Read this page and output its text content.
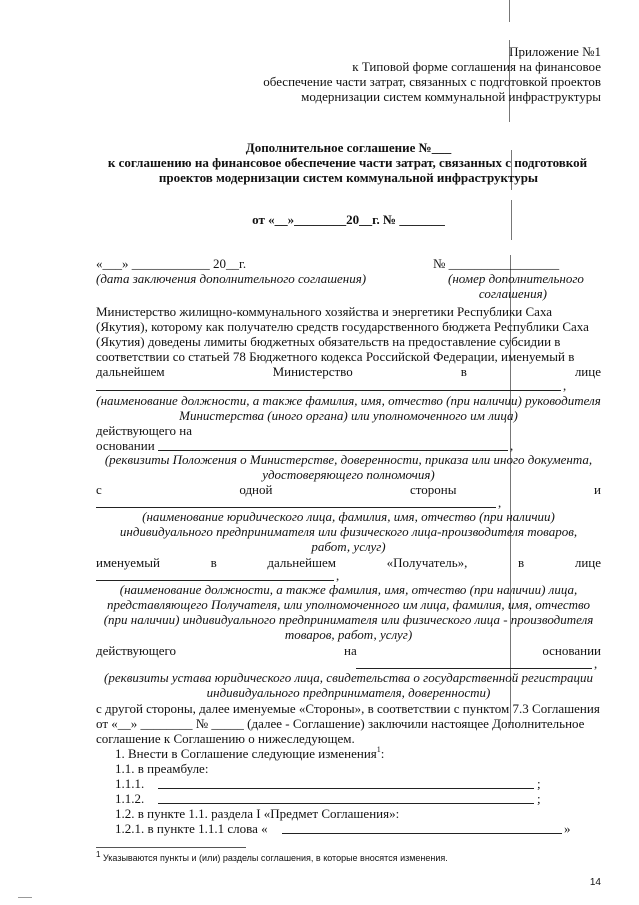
Приложение №1
к Типовой форме соглашения на финансовое
обеспечение части затрат, связанных с подготовкой проектов
модернизации систем коммунальной инфраструктуры
Дополнительное соглашение №___
к соглашению на финансовое обеспечение части затрат, связанных с подготовкой
проектов модернизации систем коммунальной инфраструктуры
от «__»________20__г. № _______
«___» ____________ 20__г.	№ _________________
(дата заключения дополнительного соглашения)	(номер дополнительного
соглашения)
Министерство жилищно-коммунального хозяйства и энергетики Республики Саха
(Якутия), которому как получателю средств государственного бюджета Республики Саха
(Якутия) доведены лимиты бюджетных обязательств на предоставление субсидии в
соответствии со статьей 78 Бюджетного кодекса Российской Федерации, именуемый в
дальнейшем	Министерство	в	лице
,
(наименование должности, а также фамилия, имя, отчество (при наличии) руководителя
Министерства (иного органа) или уполномоченного им лица)
действующего на
основании	,
(реквизиты Положения о Министерстве, доверенности, приказа или иного документа,
удостоверяющего полномочия)
с	одной	стороны	и
,
(наименование юридического лица, фамилия, имя, отчество (при наличии)
индивидуального предпринимателя или физического лица-производителя товаров,
работ, услуг)
именуемый	в	дальнейшем	«Получатель»,	в	лице
,
(наименование должности, а также фамилия, имя, отчество (при наличии) лица,
представляющего Получателя, или уполномоченного им лица, фамилия, имя, отчество
(при наличии) индивидуального предпринимателя или физического лица - производителя
товаров, работ, услуг)
действующего	на	основании
,
(реквизиты устава юридического лица, свидетельства о государственной регистрации
индивидуального предпринимателя, доверенности)
с другой стороны, далее именуемые «Стороны», в соответствии с пунктом 7.3 Соглашения
от «__» ________ № _____ (далее - Соглашение) заключили настоящее Дополнительное
соглашение к Соглашению о нижеследующем.
1. Внести в Соглашение следующие изменения$^1$:
1.1. в преамбуле:
1.1.1.	;
1.1.2.	;
1.2. в пункте 1.1. раздела I «Предмет Соглашения»:
1.2.1. в пункте 1.1.1 слова «	»
$^1$ Указываются пункты и (или) разделы соглашения, в которые вносятся изменения.
14
